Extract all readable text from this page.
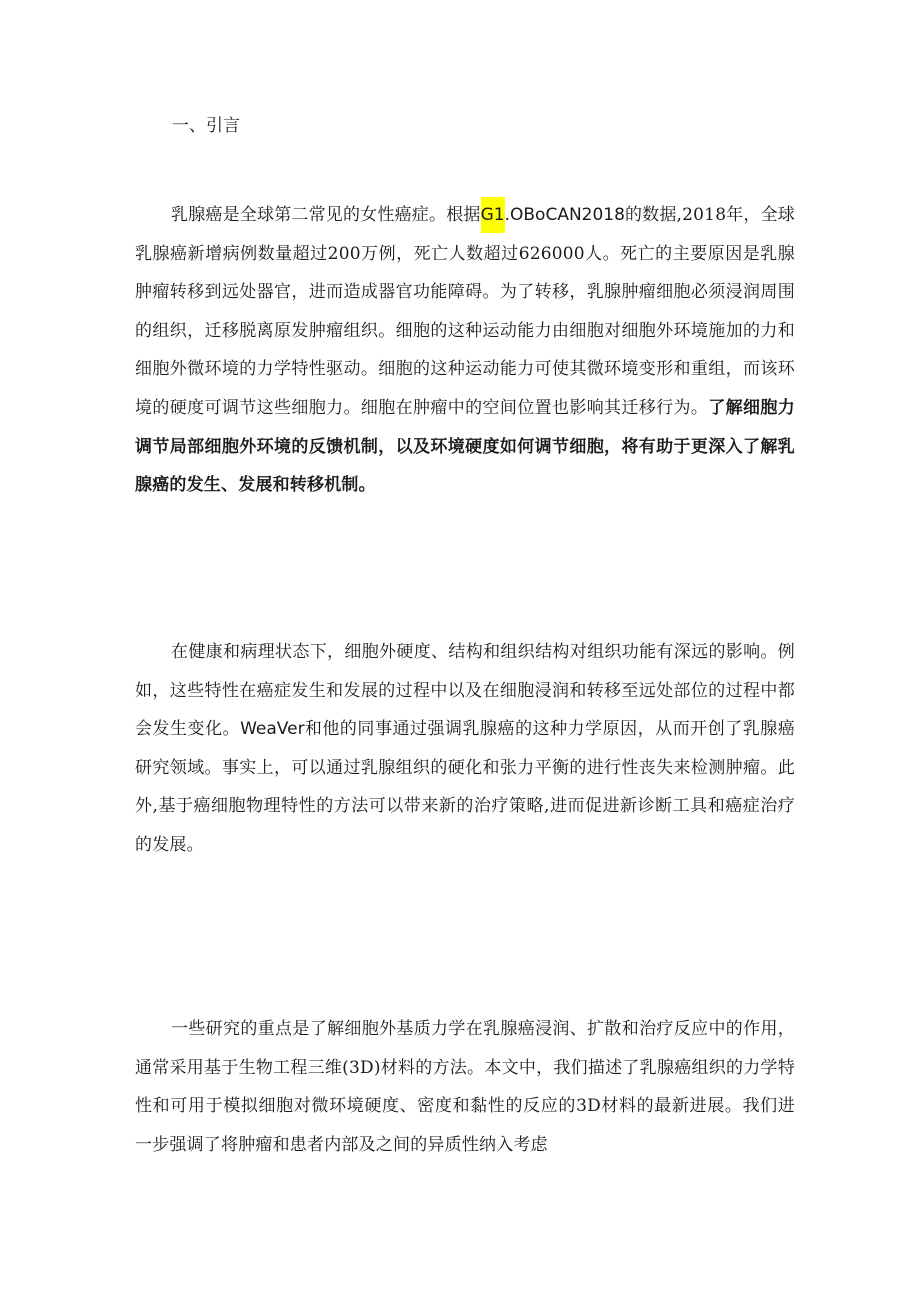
一、引言

乳腺癌是全球第二常见的女性癌症。根据G1.OBoCAN2018的数据,2018年，全球乳腺癌新增病例数量超过200万例，死亡人数超过626000人。死亡的主要原因是乳腺肿瘤转移到远处器官，进而造成器官功能障碍。为了转移，乳腺肿瘤细胞必须浸润周围的组织，迁移脱离原发肿瘤组织。细胞的这种运动能力由细胞对细胞外环境施加的力和细胞外微环境的力学特性驱动。细胞的这种运动能力可使其微环境变形和重组，而该环境的硬度可调节这些细胞力。细胞在肿瘤中的空间位置也影响其迁移行为。了解细胞力调节局部细胞外环境的反馈机制，以及环境硬度如何调节细胞，将有助于更深入了解乳腺癌的发生、发展和转移机制。

在健康和病理状态下，细胞外硬度、结构和组织结构对组织功能有深远的影响。例如，这些特性在癌症发生和发展的过程中以及在细胞浸润和转移至远处部位的过程中都会发生变化。WeaVer和他的同事通过强调乳腺癌的这种力学原因，从而开创了乳腺癌研究领域。事实上，可以通过乳腺组织的硬化和张力平衡的进行性丧失来检测肿瘤。此外,基于癌细胞物理特性的方法可以带来新的治疗策略,进而促进新诊断工具和癌症治疗的发展。

一些研究的重点是了解细胞外基质力学在乳腺癌浸润、扩散和治疗反应中的作用，通常采用基于生物工程三维(3D)材料的方法。本文中，我们描述了乳腺癌组织的力学特性和可用于模拟细胞对微环境硬度、密度和黏性的反应的3D材料的最新进展。我们进一步强调了将肿瘤和患者内部及之间的异质性纳入考虑
